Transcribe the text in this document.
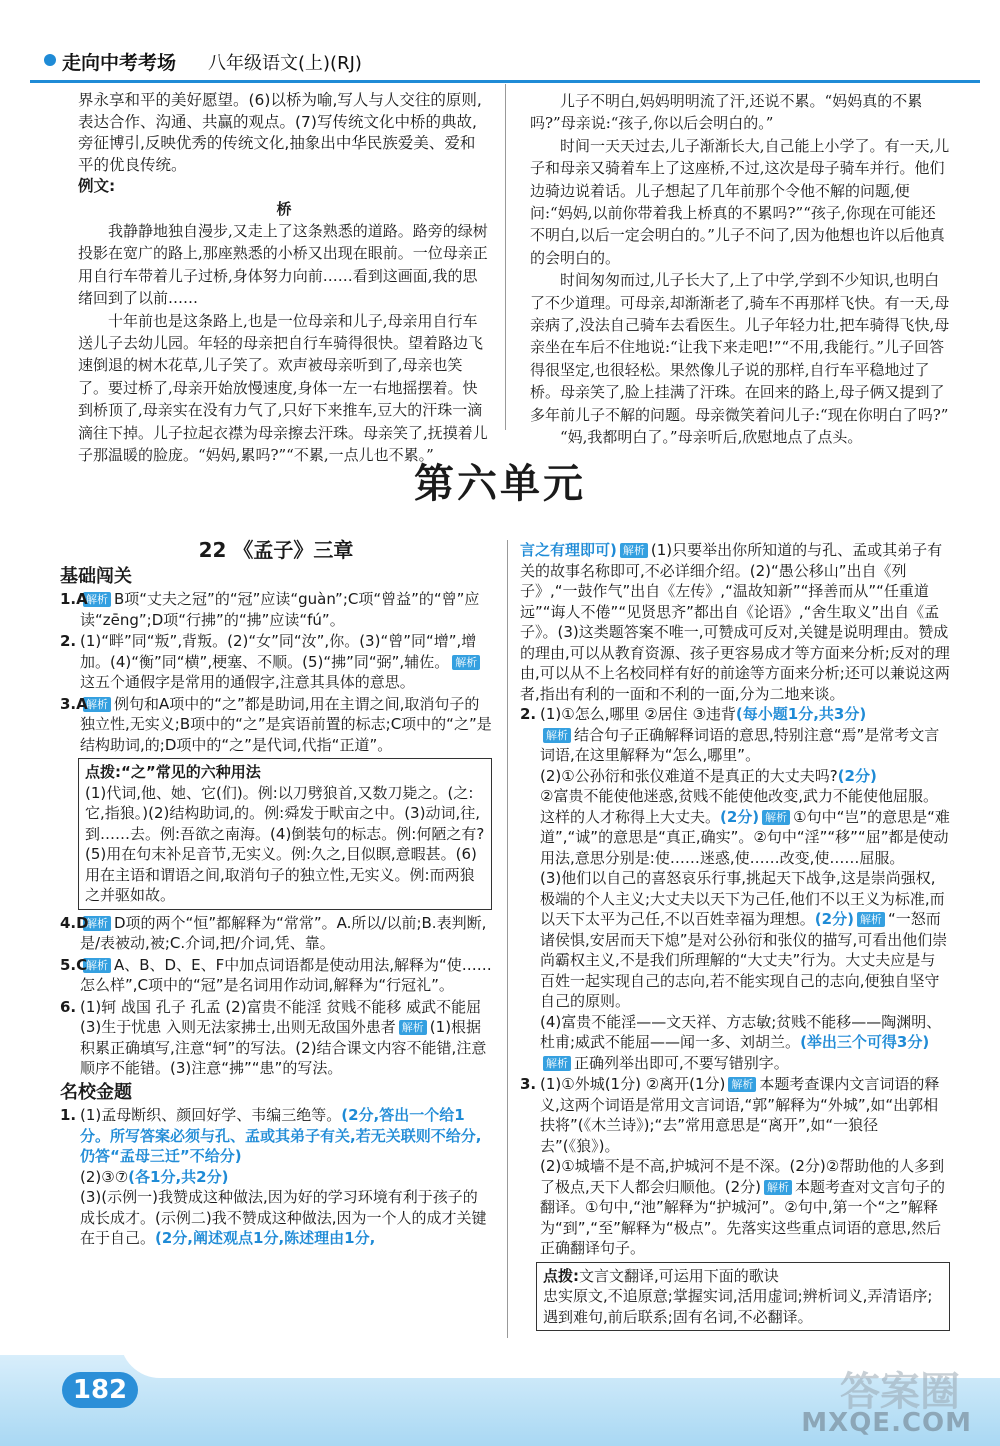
走向中考考场 八年级语文(上)(RJ)

界永享和平的美好愿望。(6)以桥为喻,写人与人交往的原则,表达合作、沟通、共赢的观点。(7)写传统文化中桥的典故,旁征博引,反映优秀的传统文化,抽象出中华民族爱美、爱和平的优良传统。

例文:

桥

我静静地独自漫步,又走上了这条熟悉的道路。路旁的绿树投影在宽广的路上,那座熟悉的小桥又出现在眼前。一位母亲正用自行车带着儿子过桥,身体努力向前……看到这画面,我的思绪回到了以前……

十年前也是这条路上,也是一位母亲和儿子,母亲用自行车送儿子去幼儿园。年轻的母亲把自行车骑得很快。望着路边飞速倒退的树木花草,儿子笑了。欢声被母亲听到了,母亲也笑了。要过桥了,母亲开始放慢速度,身体一左一右地摇摆着。快到桥顶了,母亲实在没有力气了,只好下来推车,豆大的汗珠一滴滴往下掉。儿子拉起衣襟为母亲擦去汗珠。母亲笑了,抚摸着儿子那温暖的脸庞。“妈妈,累吗?”“不累,一点儿也不累。”

儿子不明白,妈妈明明流了汗,还说不累。“妈妈真的不累吗?”母亲说:“孩子,你以后会明白的。”

时间一天天过去,儿子渐渐长大,自己能上小学了。有一天,儿子和母亲又骑着车上了这座桥,不过,这次是母子骑车并行。他们边骑边说着话。儿子想起了几年前那个令他不解的问题,便问:“妈妈,以前你带着我上桥真的不累吗?”“孩子,你现在可能还不明白,以后一定会明白的。”儿子不问了,因为他想也许以后他真的会明白的。

时间匆匆而过,儿子长大了,上了中学,学到不少知识,也明白了不少道理。可母亲,却渐渐老了,骑车不再那样飞快。有一天,母亲病了,没法自己骑车去看医生。儿子年轻力壮,把车骑得飞快,母亲坐在车后不住地说:“让我下来走吧!”“不用,我能行。”儿子回答得很坚定,也很轻松。果然像儿子说的那样,自行车平稳地过了桥。母亲笑了,脸上挂满了汗珠。在回来的路上,母子俩又提到了多年前儿子不解的问题。母亲微笑着问儿子:“现在你明白了吗?”

“妈,我都明白了。”母亲听后,欣慰地点了点头。

第六单元
22 《孟子》三章
基础闯关
1.A
解析 B项“丈夫之冠”的“冠”应读“guàn”;C项“曾益”的“曾”应读“zēng”;D项“行拂”的“拂”应读“fú”。
2. (1)“畔”同“叛”,背叛。(2)“女”同“汝”,你。(3)“曾”同“增”,增加。(4)“衡”同“横”,梗塞、不顺。(5)“拂”同“弼”,辅佐。 解析这五个通假字是常用的通假字,注意其具体的意思。
3.A
解析 例句和A项中的“之”都是助词,用在主谓之间,取消句子的独立性,无实义;B项中的“之”是宾语前置的标志;C项中的“之”是结构助词,的;D项中的“之”是代词,代指“正道”。
点拨:“之”常见的六种用法
(1)代词,他、她、它(们)。例:以刀劈狼首,又数刀毙之。(之:它,指狼。)(2)结构助词,的。例:舜发于畎亩之中。(3)动词,往,到……去。例:吾欲之南海。(4)倒装句的标志。例:何陋之有?(5)用在句末补足音节,无实义。例:久之,目似瞑,意暇甚。(6)用在主语和谓语之间,取消句子的独立性,无实义。例:而两狼之并驱如故。
4.D
解析 D项的两个“恒”都解释为“常常”。A.所以/以前;B.表判断,是/表被动,被;C.介词,把/介词,凭、靠。
5.C
解析 A、B、D、E、F中加点词语都是使动用法,解释为“使……怎么样”,C项中的“冠”是名词用作动词,解释为“行冠礼”。
6. (1)轲 战国 孔子 孔孟 (2)富贵不能淫 贫贱不能移 威武不能屈 (3)生于忧患 入则无法家拂士,出则无敌国外患者 解析 (1)根据积累正确填写,注意“轲”的写法。(2)结合课文内容不能错,注意顺序不能错。(3)注意“拂”“患”的写法。
名校金题
1. (1)孟母断织、颜回好学、韦编三绝等。(2分,答出一个给1分。所写答案必须与孔、孟或其弟子有关,若无关联则不给分,仍答“孟母三迁”不给分)
(2)③⑦(各1分,共2分)
(3)(示例一)我赞成这种做法,因为好的学习环境有利于孩子的成长成才。(示例二)我不赞成这种做法,因为一个人的成才关键在于自己。(2分,阐述观点1分,陈述理由1分,
言之有理即可) 解析 (1)只要举出你所知道的与孔、孟或其弟子有关的故事名称即可,不必详细介绍。(2)“愚公移山”出自《列子》,“一鼓作气”出自《左传》,“温故知新”“择善而从”“任重道远”“诲人不倦”“见贤思齐”都出自《论语》,“舍生取义”出自《孟子》。(3)这类题答案不唯一,可赞成可反对,关键是说明理由。赞成的理由,可以从教育资源、孩子更容易成才等方面来分析;反对的理由,可以从不上名校同样有好的前途等方面来分析;还可以兼说这两者,指出有利的一面和不利的一面,分为二地来谈。
2. (1)①怎么,哪里 ②居住 ③违背(每小题1分,共3分)
解析 结合句子正确解释词语的意思,特别注意“焉”是常考文言词语,在这里解释为“怎么,哪里”。
(2)①公孙衍和张仪难道不是真正的大丈夫吗?(2分)
②富贵不能使他迷惑,贫贱不能使他改变,武力不能使他屈服。这样的人才称得上大丈夫。(2分) 解析 ①句中“岂”的意思是“难道”,“诚”的意思是“真正,确实”。②句中“淫”“移”“屈”都是使动用法,意思分别是:使……迷惑,使……改变,使……屈服。
(3)他们以自己的喜怒哀乐行事,挑起天下战争,这是崇尚强权,极端的个人主义;大丈夫以天下为己任,他们不以王义为标准,而以天下太平为己任,不以百姓幸福为理想。(2分) 解析 “一怒而诸侯惧,安居而天下熄”是对公孙衍和张仪的描写,可看出他们崇尚霸权主义,不是我们所理解的“大丈夫”行为。大丈夫应是与百姓一起实现自己的志向,若不能实现自己的志向,便独自坚守自己的原则。
(4)富贵不能淫——文天祥、方志敏;贫贱不能移——陶渊明、杜甫;威武不能屈——闻一多、刘胡兰。(举出三个可得3分)
解析 正确列举出即可,不要写错别字。
3. (1)①外城(1分) ②离开(1分) 解析 本题考查课内文言词语的释义,这两个词语是常用文言词语,“郭”解释为“外城”,如“出郭相扶将”(《木兰诗》);“去”常用意思是“离开”,如“一狼径去”(《狼》)。
(2)①城墙不是不高,护城河不是不深。(2分)②帮助他的人多到了极点,天下人都会归顺他。(2分) 解析 本题考查对文言句子的翻译。①句中,“池”解释为“护城河”。②句中,第一个“之”解释为“到”,“至”解释为“极点”。先落实这些重点词语的意思,然后正确翻译句子。
点拨:文言文翻译,可运用下面的歌诀
忠实原文,不追原意;掌握实词,活用虚词;辨析词义,弄清语序;遇到难句,前后联系;固有名词,不必翻译。
182	答案圈
MXQE.COM
